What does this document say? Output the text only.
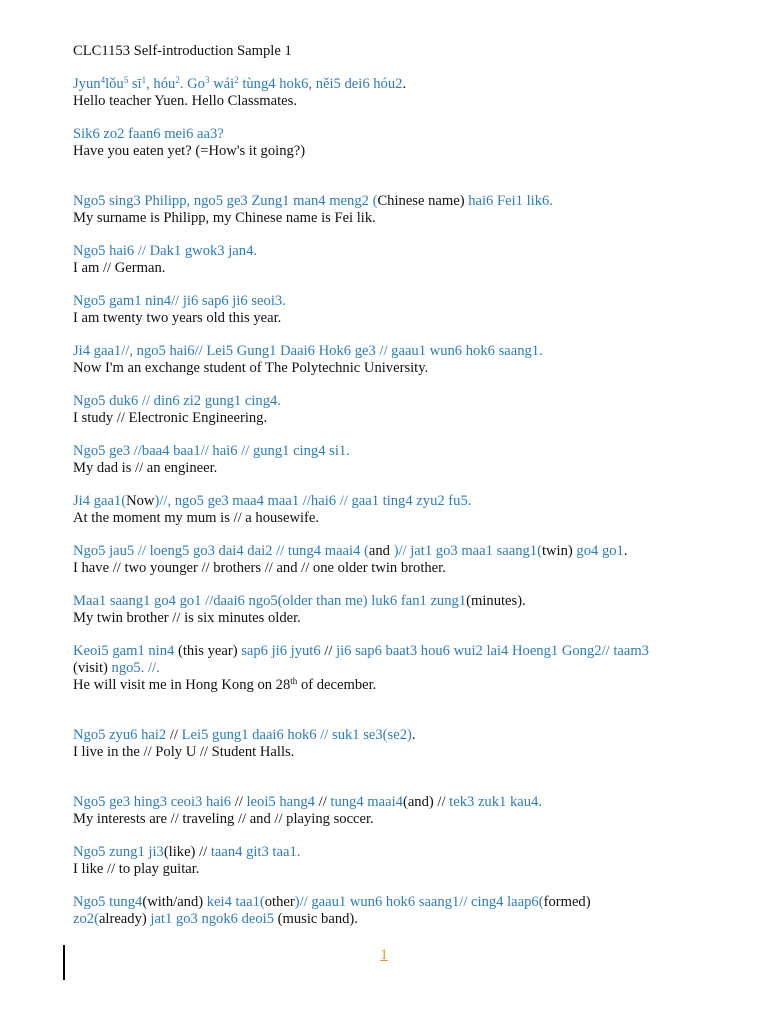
CLC1153 Self-introduction Sample 1
Jyun$^4$lǒu$^5$ $sī^1$, hóu$^2$. Go$^3$ wái$^2$ tùng4 hok6, něi5 dei6 hóu2.
Hello teacher Yuen. Hello Classmates.
Sik6 zo2 faan6 mei6 aa3?
Have you eaten yet? (=How's it going?)
Ngo5 sing3 Philipp, ngo5 ge3 Zung1 man4 meng2 (Chinese name) hai6 Fei1 lik6.
My surname is Philipp, my Chinese name is Fei lik.
Ngo5 hai6 // Dak1 gwok3 jan4.
I am // German.
Ngo5 gam1 nin4// ji6 sap6 ji6 seoi3.
I am twenty two years old this year.
Ji4 gaa1//, ngo5 hai6// Lei5 Gung1 Daai6 Hok6 ge3 // gaau1 wun6 hok6 saang1.
Now I'm an exchange student of The Polytechnic University.
Ngo5 duk6 // din6 zi2 gung1 cing4.
I study // Electronic Engineering.
Ngo5 ge3 //baa4 baa1// hai6 // gung1 cing4 si1.
My dad is // an engineer.
Ji4 gaa1(Now)//, ngo5 ge3 maa4 maa1 //hai6 // gaa1 ting4 zyu2 fu5.
At the moment my mum is // a housewife.
Ngo5 jau5 // loeng5 go3 dai4 dai2 // tung4 maai4 (and )// jat1 go3 maa1 saang1(twin) go4 go1.
I have // two younger // brothers // and // one older twin brother.
Maa1 saang1 go4 go1 //daai6 ngo5(older than me) luk6 fan1 zung1(minutes).
My twin brother // is six minutes older.
Keoi5 gam1 nin4 (this year) sap6 ji6 jyut6 // ji6 sap6 baat3 hou6 wui2 lai4 Hoeng1 Gong2// taam3
(visit) ngo5. //.
He will visit me in Hong Kong on 28th of december.
Ngo5 zyu6 hai2 // Lei5 gung1 daai6 hok6 // suk1 se3(se2).
I live in the // Poly U // Student Halls.
Ngo5 ge3 hing3 ceoi3 hai6 // leoi5 hang4 // tung4 maai4(and) // tek3 zuk1 kau4.
My interests are // traveling // and // playing soccer.
Ngo5 zung1 ji3(like) // taan4 git3 taa1.
I like // to play guitar.
Ngo5 tung4(with/and) kei4 taa1(other)// gaau1 wun6 hok6 saang1// cing4 laap6(formed)
zo2(already) jat1 go3 ngok6 deoi5 (music band).
1
